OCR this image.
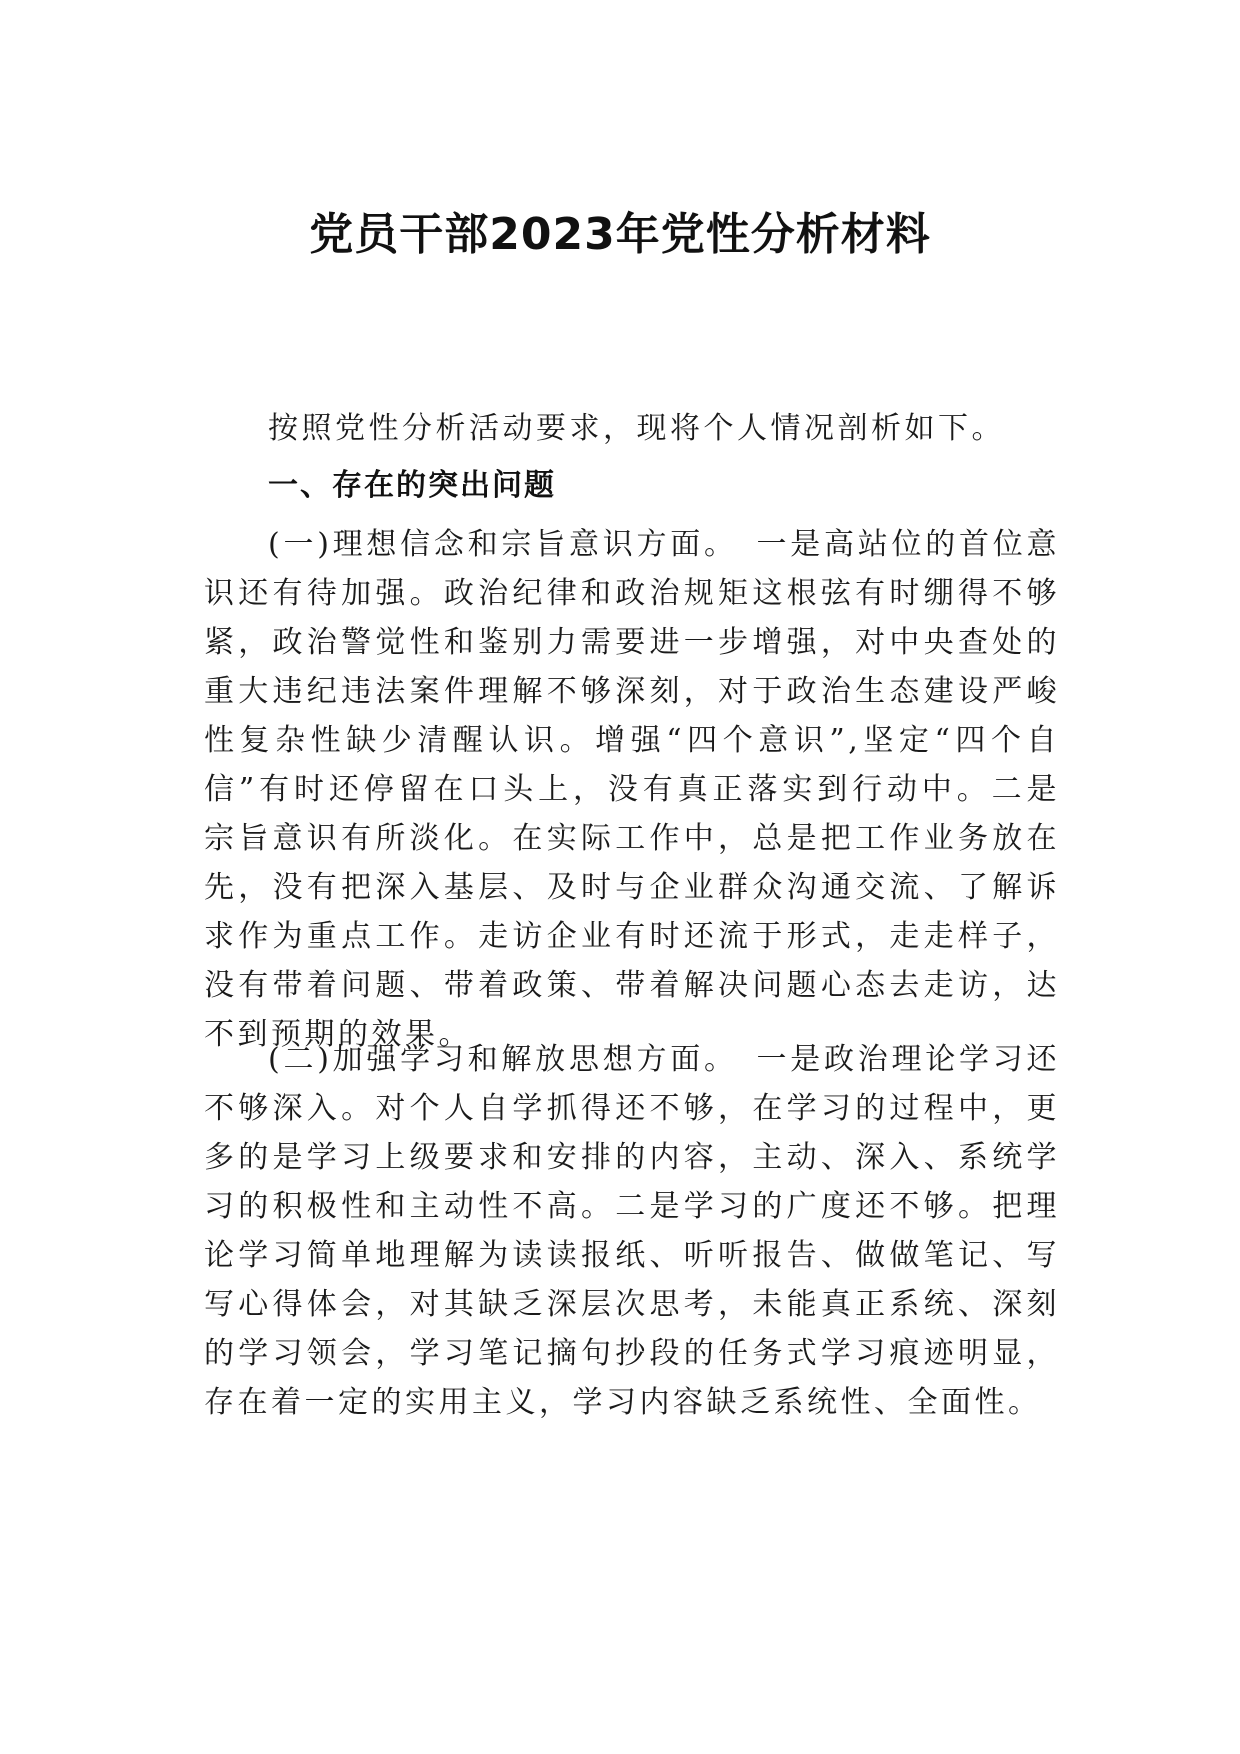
党员干部2023年党性分析材料
按照党性分析活动要求，现将个人情况剖析如下。
一、存在的突出问题
(一)理想信念和宗旨意识方面。　一是高站位的首位意识还有待加强。政治纪律和政治规矩这根弦有时绷得不够紧，政治警觉性和鉴别力需要进一步增强，对中央查处的重大违纪违法案件理解不够深刻，对于政治生态建设严峻性复杂性缺少清醒认识。增强“四个意识”,坚定“四个自信”有时还停留在口头上，没有真正落实到行动中。二是宗旨意识有所淡化。在实际工作中，总是把工作业务放在先，没有把深入基层、及时与企业群众沟通交流、了解诉求作为重点工作。走访企业有时还流于形式，走走样子，没有带着问题、带着政策、带着解决问题心态去走访，达不到预期的效果。
(二)加强学习和解放思想方面。　一是政治理论学习还不够深入。对个人自学抓得还不够，在学习的过程中，更多的是学习上级要求和安排的内容，主动、深入、系统学习的积极性和主动性不高。二是学习的广度还不够。把理论学习简单地理解为读读报纸、听听报告、做做笔记、写写心得体会，对其缺乏深层次思考，未能真正系统、深刻的学习领会，学习笔记摘句抄段的任务式学习痕迹明显，存在着一定的实用主义，学习内容缺乏系统性、全面性。
